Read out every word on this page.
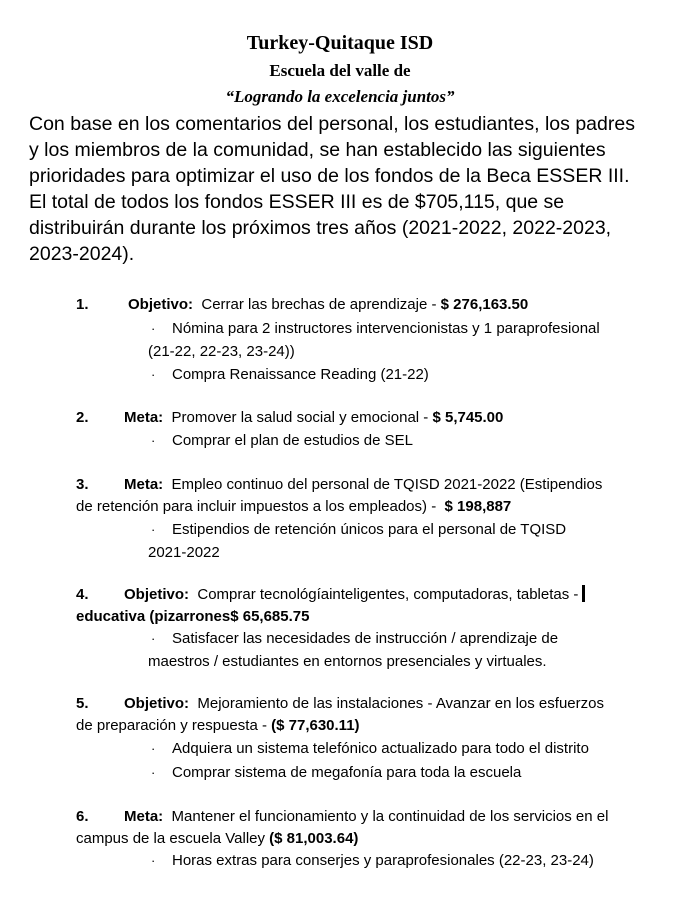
Turkey-Quitaque ISD
Escuela del valle de
“Logrando la excelencia juntos”
Con base en los comentarios del personal, los estudiantes, los padres
y los miembros de la comunidad, se han establecido las siguientes
prioridades para optimizar el uso de los fondos de la Beca ESSER III.
El total de todos los fondos ESSER III es de $705,115, que se
distribuirán durante los próximos tres años (2021-2022, 2022-2023,
2023-2024).
1.	Objetivo: Cerrar las brechas de aprendizaje - $ 276,163.50
· Nómina para 2 instructores intervencionistas y 1 paraprofesional
(21-22, 22-23, 23-24))
· Compra Renaissance Reading (21-22)
2. Meta: Promover la salud social y emocional - $ 5,745.00
· Comprar el plan de estudios de SEL
3. Meta: Empleo continuo del personal de TQISD 2021-2022 (Estipendios
de retención para incluir impuestos a los empleados) - $ 198,887
· Estipendios de retención únicos para el personal de TQISD
2021-2022
4. Objetivo: Comprar tecnológíainteligentes, computadoras, tabletas -
educativa (pizarrones$ 65,685.75
· Satisfacer las necesidades de instrucción / aprendizaje de
maestros / estudiantes en entornos presenciales y virtuales.
5. Objetivo: Mejoramiento de las instalaciones - Avanzar en los esfuerzos
de preparación y respuesta - ($ 77,630.11)
· Adquiera un sistema telefónico actualizado para todo el distrito
· Comprar sistema de megafonía para toda la escuela
6. Meta: Mantener el funcionamiento y la continuidad de los servicios en el
campus de la escuela Valley ($ 81,003.64)
· Horas extras para conserjes y paraprofesionales (22-23, 23-24)
